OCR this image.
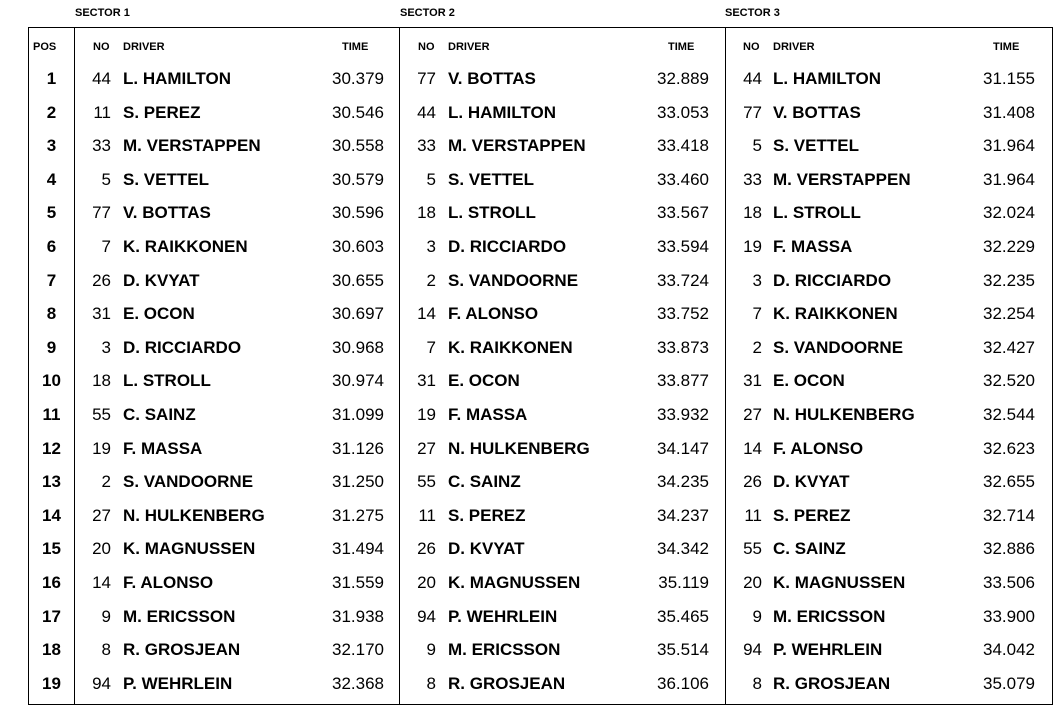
SECTOR 1	SECTOR 2	SECTOR 3
POS	NO DRIVER	TIME	NO DRIVER	TIME	NO DRIVER	TIME
1	44 L. HAMILTON	30.379	77 V. BOTTAS	32.889	44 L. HAMILTON	31.155
2	11 S. PEREZ	30.546	44 L. HAMILTON	33.053	77 V. BOTTAS	31.408
3	33 M. VERSTAPPEN	30.558	33 M. VERSTAPPEN	33.418	5 S. VETTEL	31.964
4	5 S. VETTEL	30.579	5 S. VETTEL	33.460	33 M. VERSTAPPEN	31.964
5	77 V. BOTTAS	30.596	18 L. STROLL	33.567	18 L. STROLL	32.024
6	7 K. RAIKKONEN	30.603	3 D. RICCIARDO	33.594	19 F. MASSA	32.229
7	26 D. KVYAT	30.655	2 S. VANDOORNE	33.724	3 D. RICCIARDO	32.235
8	31 E. OCON	30.697	14 F. ALONSO	33.752	7 K. RAIKKONEN	32.254
9	3 D. RICCIARDO	30.968	7 K. RAIKKONEN	33.873	2 S. VANDOORNE	32.427
10	18 L. STROLL	30.974	31 E. OCON	33.877	31 E. OCON	32.520
11	55 C. SAINZ	31.099	19 F. MASSA	33.932	27 N. HULKENBERG	32.544
12	19 F. MASSA	31.126	27 N. HULKENBERG	34.147	14 F. ALONSO	32.623
13	2 S. VANDOORNE	31.250	55 C. SAINZ	34.235	26 D. KVYAT	32.655
14	27 N. HULKENBERG	31.275	11 S. PEREZ	34.237	11 S. PEREZ	32.714
15	20 K. MAGNUSSEN	31.494	26 D. KVYAT	34.342	55 C. SAINZ	32.886
16	14 F. ALONSO	31.559	20 K. MAGNUSSEN	35.119	20 K. MAGNUSSEN	33.506
17	9 M. ERICSSON	31.938	94 P. WEHRLEIN	35.465	9 M. ERICSSON	33.900
18	8 R. GROSJEAN	32.170	9 M. ERICSSON	35.514	94 P. WEHRLEIN	34.042
19	94 P. WEHRLEIN	32.368	8 R. GROSJEAN	36.106	8 R. GROSJEAN	35.079
